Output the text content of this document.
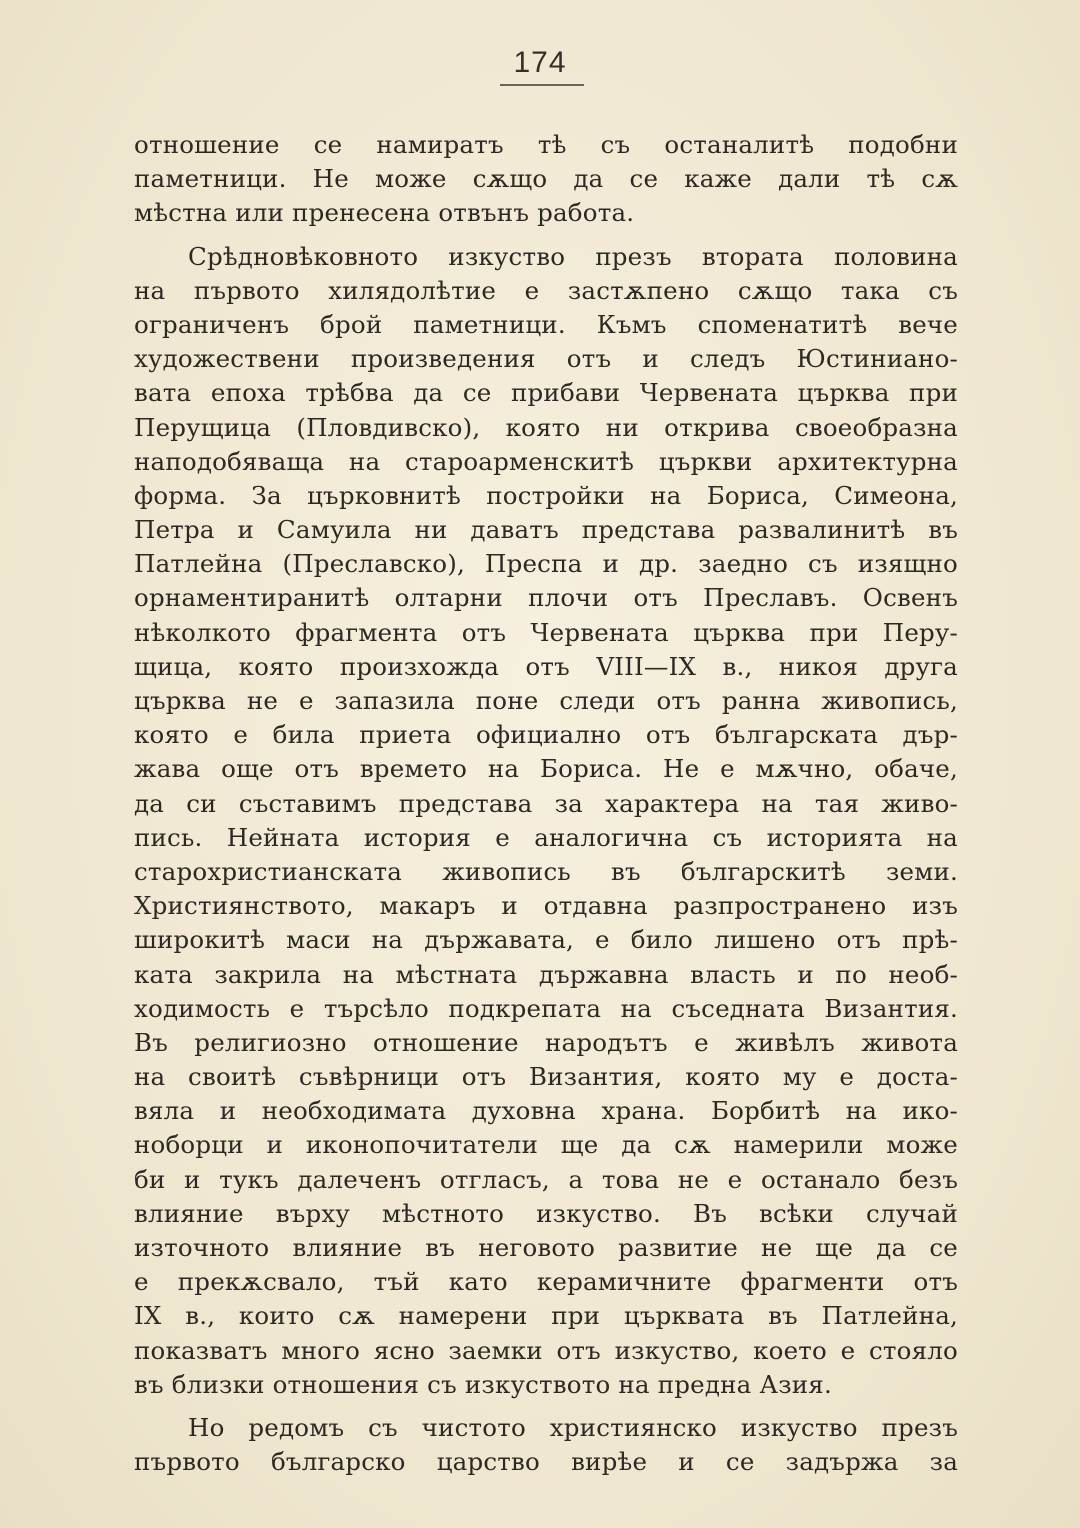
174
отношение се намиратъ тѣ съ останалитѣ подобни
паметници. Не може сѫщо да се каже дали тѣ сѫ
мѣстна или пренесена отвънъ работа.
Срѣдновѣковното изкуство презъ втората половина
на първото хилядолѣтие е застѫпено сѫщо така съ
ограниченъ брой паметници. Къмъ споменатитѣ вече
художествени произведения отъ и следъ Юстиниано-
вата епоха трѣбва да се прибави Червената църква при
Перущица (Пловдивско), която ни открива своеобразна
наподобяваща на староарменскитѣ църкви архитектурна
форма. За църковнитѣ постройки на Бориса, Симеона,
Петра и Самуила ни даватъ представа развалинитѣ въ
Патлейна (Преславско), Преспа и др. заедно съ изящно
орнаментиранитѣ олтарни плочи отъ Преславъ. Освенъ
нѣколкото фрагмента отъ Червената църква при Перу-
щица, която произхожда отъ VIII—IX в., никоя друга
църква не е запазила поне следи отъ ранна живопись,
която е била приета официално отъ българската дър-
жава още отъ времето на Бориса. Не е мѫчно, обаче,
да си съставимъ представа за характера на тая живо-
пись. Нейната история е аналогична съ историята на
старохристианската живопись въ българскитѣ земи.
Християнството, макаръ и отдавна разпространено изъ
широкитѣ маси на държавата, е било лишено отъ прѣ-
ката закрила на мѣстната държавна власть и по необ-
ходимость е търсѣло подкрепата на съседната Византия.
Въ религиозно отношение народътъ е живѣлъ живота
на своитѣ съвѣрници отъ Византия, която му е доста-
вяла и необходимата духовна храна. Борбитѣ на ико-
ноборци и иконопочитатели ще да сѫ намерили може
би и тукъ далеченъ отгласъ, а това не е останало безъ
влияние върху мѣстното изкуство. Въ всѣки случай
източното влияние въ неговото развитие не ще да се
е прекѫсвало, тъй като керамичните фрагменти отъ
IX в., които сѫ намерени при църквата въ Патлейна,
показватъ много ясно заемки отъ изкуство, което е стояло
въ близки отношения съ изкуството на предна Азия.
Но редомъ съ чистото християнско изкуство презъ
първото българско царство вирѣе и се задържа за
